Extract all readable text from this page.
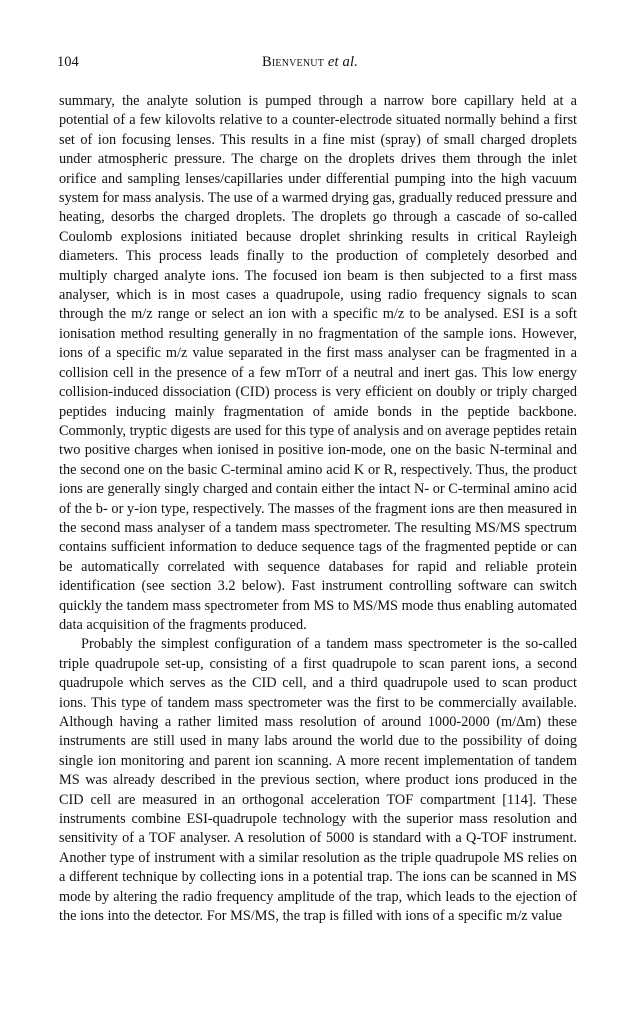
104	Bienvenut et al.

summary, the analyte solution is pumped through a narrow bore capillary held at a potential of a few kilovolts relative to a counter-electrode situated normally behind a first set of ion focusing lenses. This results in a fine mist (spray) of small charged droplets under atmospheric pressure. The charge on the droplets drives them through the inlet orifice and sampling lenses/capillaries under differential pumping into the high vacuum system for mass analysis. The use of a warmed drying gas, gradually reduced pressure and heating, desorbs the charged droplets. The droplets go through a cascade of so-called Coulomb explosions initiated because droplet shrinking results in critical Rayleigh diameters. This process leads finally to the production of completely desorbed and multiply charged analyte ions. The focused ion beam is then subjected to a first mass analyser, which is in most cases a quadrupole, using radio frequency signals to scan through the m/z range or select an ion with a specific m/z to be analysed. ESI is a soft ionisation method resulting generally in no fragmentation of the sample ions. However, ions of a specific m/z value separated in the first mass analyser can be fragmented in a collision cell in the presence of a few mTorr of a neutral and inert gas. This low energy collision-induced dissociation (CID) process is very efficient on doubly or triply charged peptides inducing mainly fragmentation of amide bonds in the peptide backbone. Commonly, tryptic digests are used for this type of analysis and on average peptides retain two positive charges when ionised in positive ion-mode, one on the basic N-terminal and the second one on the basic C-terminal amino acid K or R, respectively. Thus, the product ions are generally singly charged and contain either the intact N- or C-terminal amino acid of the b- or y-ion type, respectively. The masses of the fragment ions are then measured in the second mass analyser of a tandem mass spectrometer. The resulting MS/MS spectrum contains sufficient information to deduce sequence tags of the fragmented peptide or can be automatically correlated with sequence databases for rapid and reliable protein identification (see section 3.2 below). Fast instrument controlling software can switch quickly the tandem mass spectrometer from MS to MS/MS mode thus enabling automated data acquisition of the fragments produced.

Probably the simplest configuration of a tandem mass spectrometer is the so-called triple quadrupole set-up, consisting of a first quadrupole to scan parent ions, a second quadrupole which serves as the CID cell, and a third quadrupole used to scan product ions. This type of tandem mass spectrometer was the first to be commercially available. Although having a rather limited mass resolution of around 1000-2000 (m/Δm) these instruments are still used in many labs around the world due to the possibility of doing single ion monitoring and parent ion scanning. A more recent implementation of tandem MS was already described in the previous section, where product ions produced in the CID cell are measured in an orthogonal acceleration TOF compartment [114]. These instruments combine ESI-quadrupole technology with the superior mass resolution and sensitivity of a TOF analyser. A resolution of 5000 is standard with a Q-TOF instrument. Another type of instrument with a similar resolution as the triple quadrupole MS relies on a different technique by collecting ions in a potential trap. The ions can be scanned in MS mode by altering the radio frequency amplitude of the trap, which leads to the ejection of the ions into the detector. For MS/MS, the trap is filled with ions of a specific m/z value
